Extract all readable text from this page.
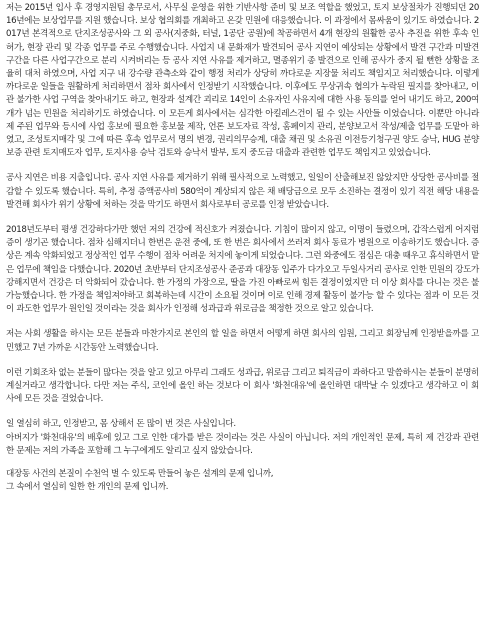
저는 2015년 입사 후 경영지원팀 총무로서, 사무실 운영을 위한 기반사항 준비 및 보조 역할을 했었고, 토지 보상절차가 진행되던 2016년에는 보상업무를 지원 했습니다. 보상 협의회를 개최하고 온갖 민원에 대응했습니다. 이 과정에서 몸싸움이 있기도 하였습니다. 2017년 본격적으로 단지조성공사와 그 외 공사(지중화, 터널, 1공단 공원)에 착공하면서 4개 현장의 원활한 공사 추진을 위한 후속 인허가, 현장 관리 및 각종 업무를 주로 수행했습니다. 사업지 내 문화재가 발견되어 공사 지연이 예상되는 상황에서 발견 구간과 미발견 구간을 다른 사업구간으로 분리 시켜버리는 등 공사 지연 사유를 제거하고, 멸종위기 종 발견으로 인해 공사가 중지 될 뻔한 상황을 조율히 대처 하였으며, 사업 지구 내 강수량 관측소와 같이 행정 처리가 상당히 까다로운 지장물 처리도 책임지고 처리했습니다. 이렇게 까다로운 일들을 원활하게 처리하면서 점차 회사에서 인정받기 시작했습니다. 이후에도 무상귀속 협의가 누락된 필지를 찾아내고, 이관 불가한 사업 구역을 찾아내기도 하고, 현장과 설계간 괴리로 14인이 소유자인 사유지에 대한 사용 동의를 얻어 내기도 하고, 200여개가 넘는 민원을 처리하기도 하였습니다. 이 모든게 회사에서는 심각한 아킬레스건이 될 수 있는 사안들 이었습니다. 이뿐만 아니라 제 주된 업무와 등시에 사업 홍보에 필요한 홍보물 제작, 언론 보도자료 작성, 홈페이지 관리, 분양보고서 작성/제출 업무를 도맡아 하였고, 조성토지매각 및 그에 따른 후속 업무로서 명의 변경, 권리의무승계, 대출 채권 및 소유권 이전등기청구권 양도 승낙, HUG 분양 보증 관련 토지매도자 업무, 토지사용 승낙 검토와 승낙서 발부, 토지 중도금 대출과 관련한 업무도 책임지고 있었습니다.

공사 지연은 비용 지출입니다. 공사 지연 사유를 제거하기 위해 필사적으로 노력했고, 일일이 산출해보진 않았지만 상당한 공사비를 절감할 수 있도록 했습니다. 특히, 추정 증액공사비 580억이 계상되지 않은 채 배당금으로 모두 소진하는 결정이 있기 직전 해당 내용을 발견해 회사가 위기 상황에 처하는 것을 막기도 하면서 회사로부터 공로를 인정 받았습니다.

2018년도부터 평생 건강하다가만 했던 저의 건강에 적신호가 켜졌습니다. 기침이 많이지 않고, 이명이 들렸으며, 갑작스럽게 어지럼증이 생기곤 했습니다. 점차 심해지더니 한번은 운전 중에, 또 한 번은 회사에서 쓰러져 회사 동료가 병원으로 이송하기도 했습니다. 증상은 계속 악화되었고 정상적인 업무 수행이 점차 어려운 처지에 놓이게 되었습니다. 그런 와중에도 점심은 대충 때우고 휴식하면서 맡은 업무에 책임을 다했습니다. 2020년 초반부터 단지조성공사 준공과 대장동 입주가 다가오고 두일사거리 공사로 인한 민원의 강도가 강해지면서 건강은 더 악화되어 갔습니다. 한 가정의 가장으로, 딸을 가진 아빠로써 힘든 결정이었지만 더 이상 회사를 다니는 것은 불가능했습니다. 한 가정을 책임져야하고 회복하는데 시간이 소요될 것이며 이로 인해 경제 활동이 불가능 할 수 있다는 점과 이 모든 것이 과도한 업무가 원인일 것이라는 것을 회사가 인정해 성과급과 위로금을 책정한 것으로 알고 있습니다.

저는 사회 생활을 하시는 모든 분들과 마찬가지로 본인의 할 일을 하면서 어떻게 하면 회사의 임원, 그리고 회장님께 인정받을까를 고민했고 7년 가까운 시간동안 노력했습니다.

이런 기회조차 없는 분들이 많다는 것을 알고 있고 아무리 그래도 성과급, 위로금 그리고 퇴직금이 과하다고 말씀하시는 분들이 분명히 계실거라고 생각합니다. 다만 저는 주식, 코인에 올인 하는 것보다 이 회사 '화천대유'에 올인하면 대박날 수 있겠다고 생각하고 이 회사에 모든 것을 걸었습니다.

일 열심히 하고, 인정받고, 몸 상해서 돈 많이 번 것은 사실입니다.

아버지가 '화천대유'의 배후에 있고 그로 인한 대가를 받은 것이라는 것은 사실이 아닙니다. 저의 개인적인 문제, 특히 제 건강과 관련한 문제는 저의 가족을 포함해 그 누구에게도 알리고 싶지 않았습니다.

대장동 사건의 본질이 수천억 벌 수 있도록 만들어 놓은 설계의 문제 입니까,

그 속에서 열심히 일한 한 개인의 문제 입니까.
